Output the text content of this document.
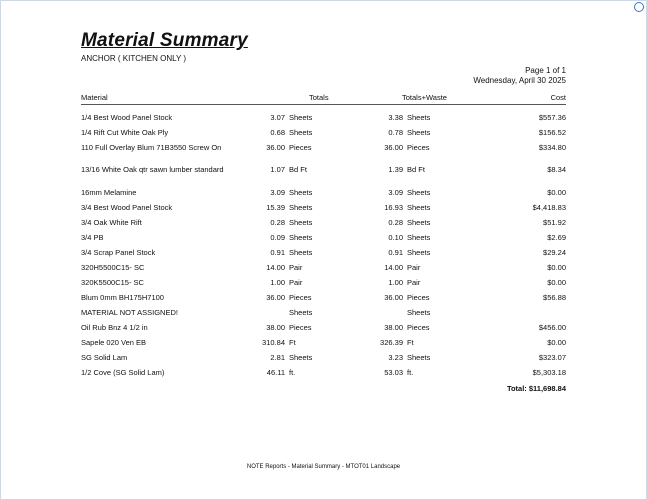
Material Summary
ANCHOR ( KITCHEN ONLY )
Page 1 of 1
Wednesday, April 30 2025
Material	Totals	Totals+Waste	Cost
1/4 Best Wood Panel Stock	3.07 Sheets	3.38 Sheets	$557.36
1/4 Rift Cut White Oak Ply	0.68 Sheets	0.78 Sheets	$156.52
110 Full Overlay Blum 71B3550 Screw On	36.00 Pieces	36.00 Pieces	$334.80
13/16 White Oak qtr sawn lumber standard	1.07 Bd Ft	1.39 Bd Ft	$8.34
16mm Melamine	3.09 Sheets	3.09 Sheets	$0.00
3/4 Best Wood Panel Stock	15.39 Sheets	16.93 Sheets	$4,418.83
3/4 Oak White Rift	0.28 Sheets	0.28 Sheets	$51.92
3/4 PB	0.09 Sheets	0.10 Sheets	$2.69
3/4 Scrap Panel Stock	0.91 Sheets	0.91 Sheets	$29.24
320H5500C15- SC	14.00 Pair	14.00 Pair	$0.00
320K5500C15- SC	1.00 Pair	1.00 Pair	$0.00
Blum 0mm BH175H7100	36.00 Pieces	36.00 Pieces	$56.88
MATERIAL NOT ASSIGNED!	Sheets	Sheets
Oil Rub Bnz 4 1/2 in	38.00 Pieces	38.00 Pieces	$456.00
Sapele 020 Ven EB	310.84 Ft	326.39 Ft	$0.00
SG Solid Lam	2.81 Sheets	3.23 Sheets	$323.07
1/2 Cove (SG Solid Lam)	46.11 ft.	53.03 ft.	$5,303.18
Total: $11,698.84
NOTE Reports - Material Summary - MTOT01 Landscape
